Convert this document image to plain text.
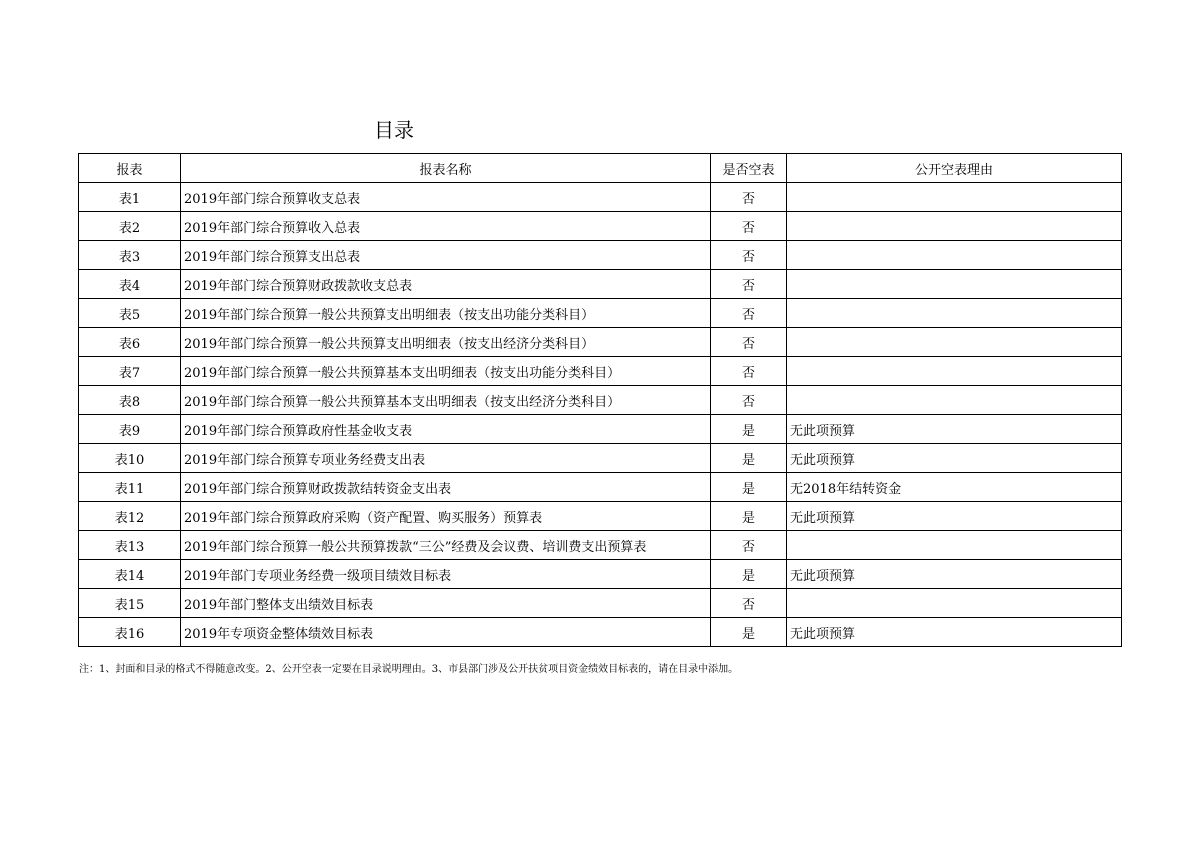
目录
报表	报表名称	是否空表	公开空表理由
表1	2019年部门综合预算收支总表	否	
表2	2019年部门综合预算收入总表	否	
表3	2019年部门综合预算支出总表	否	
表4	2019年部门综合预算财政拨款收支总表	否	
表5	2019年部门综合预算一般公共预算支出明细表（按支出功能分类科目）	否	
表6	2019年部门综合预算一般公共预算支出明细表（按支出经济分类科目）	否	
表7	2019年部门综合预算一般公共预算基本支出明细表（按支出功能分类科目）	否	
表8	2019年部门综合预算一般公共预算基本支出明细表（按支出经济分类科目）	否	
表9	2019年部门综合预算政府性基金收支表	是	无此项预算
表10	2019年部门综合预算专项业务经费支出表	是	无此项预算
表11	2019年部门综合预算财政拨款结转资金支出表	是	无2018年结转资金
表12	2019年部门综合预算政府采购（资产配置、购买服务）预算表	是	无此项预算
表13	2019年部门综合预算一般公共预算拨款“三公”经费及会议费、培训费支出预算表	否	
表14	2019年部门专项业务经费一级项目绩效目标表	是	无此项预算
表15	2019年部门整体支出绩效目标表	否	
表16	2019年专项资金整体绩效目标表	是	无此项预算

注：1、封面和目录的格式不得随意改变。2、公开空表一定要在目录说明理由。3、市县部门涉及公开扶贫项目资金绩效目标表的，请在目录中添加。
